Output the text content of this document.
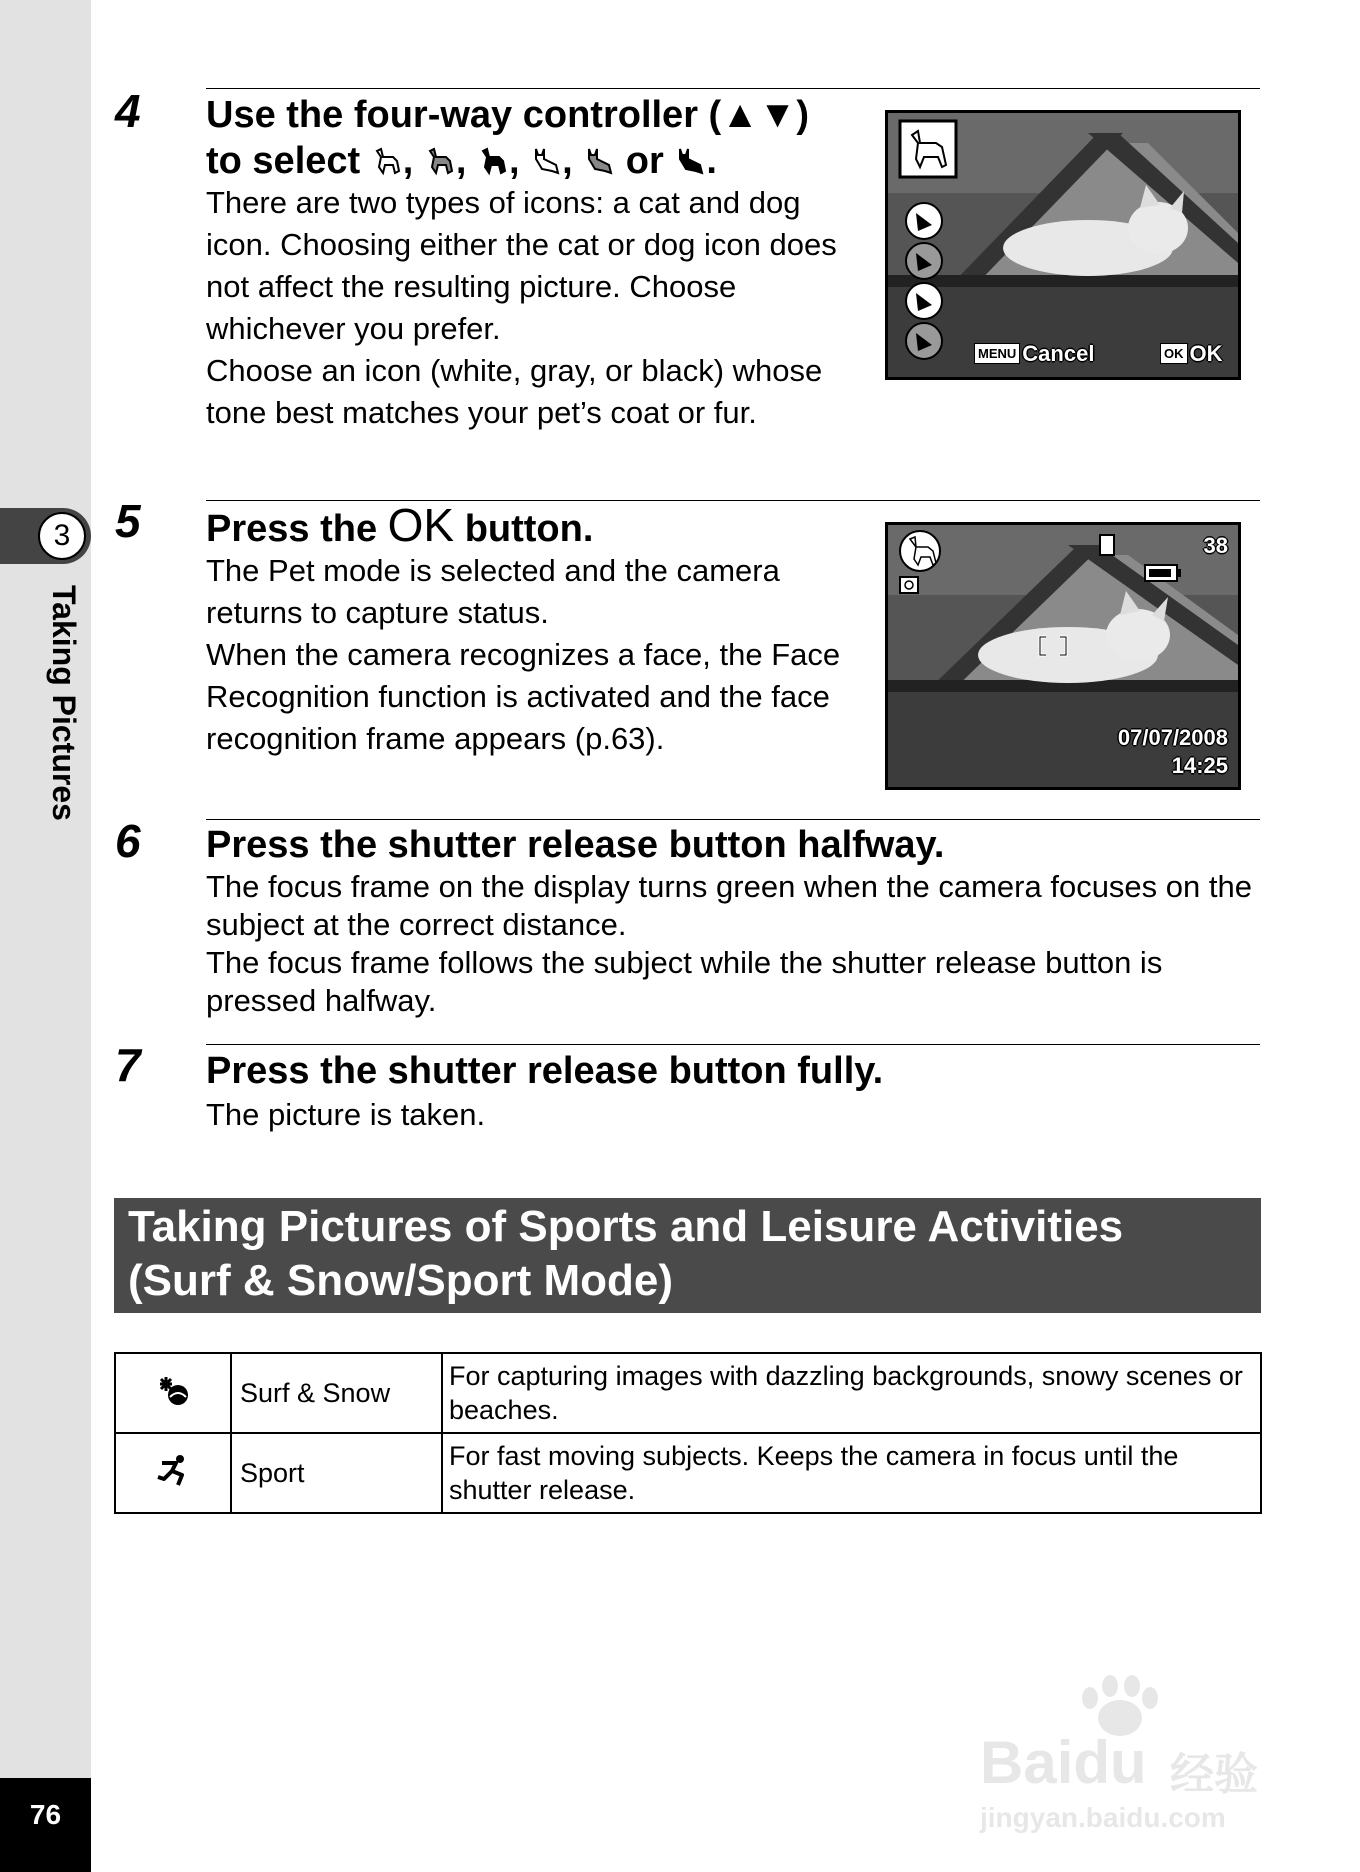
3
Taking Pictures
76
4 Use the four-way controller (▲▼)
to select , , , , or .

There are two types of icons: a cat and dog icon. Choosing either the cat or dog icon does not affect the resulting picture. Choose whichever you prefer.

Choose an icon (white, gray, or black) whose tone best matches your pet’s coat or fur.

MENU Cancel	OK OK
5 Press the OK button.

The Pet mode is selected and the camera returns to capture status.

When the camera recognizes a face, the Face Recognition function is activated and the face recognition frame appears (p.63).

38
07/07/2008
14:25
6 Press the shutter release button halfway.

The focus frame on the display turns green when the camera focuses on the subject at the correct distance.

The focus frame follows the subject while the shutter release button is pressed halfway.

7 Press the shutter release button fully.

The picture is taken.

Taking Pictures of Sports and Leisure Activities
(Surf & Snow/Sport Mode)
	Surf & Snow	For capturing images with dazzling backgrounds, snowy scenes or beaches.
	Sport	For fast moving subjects. Keeps the camera in focus until the shutter release.
Baidu 经验
jingyan.baidu.com
